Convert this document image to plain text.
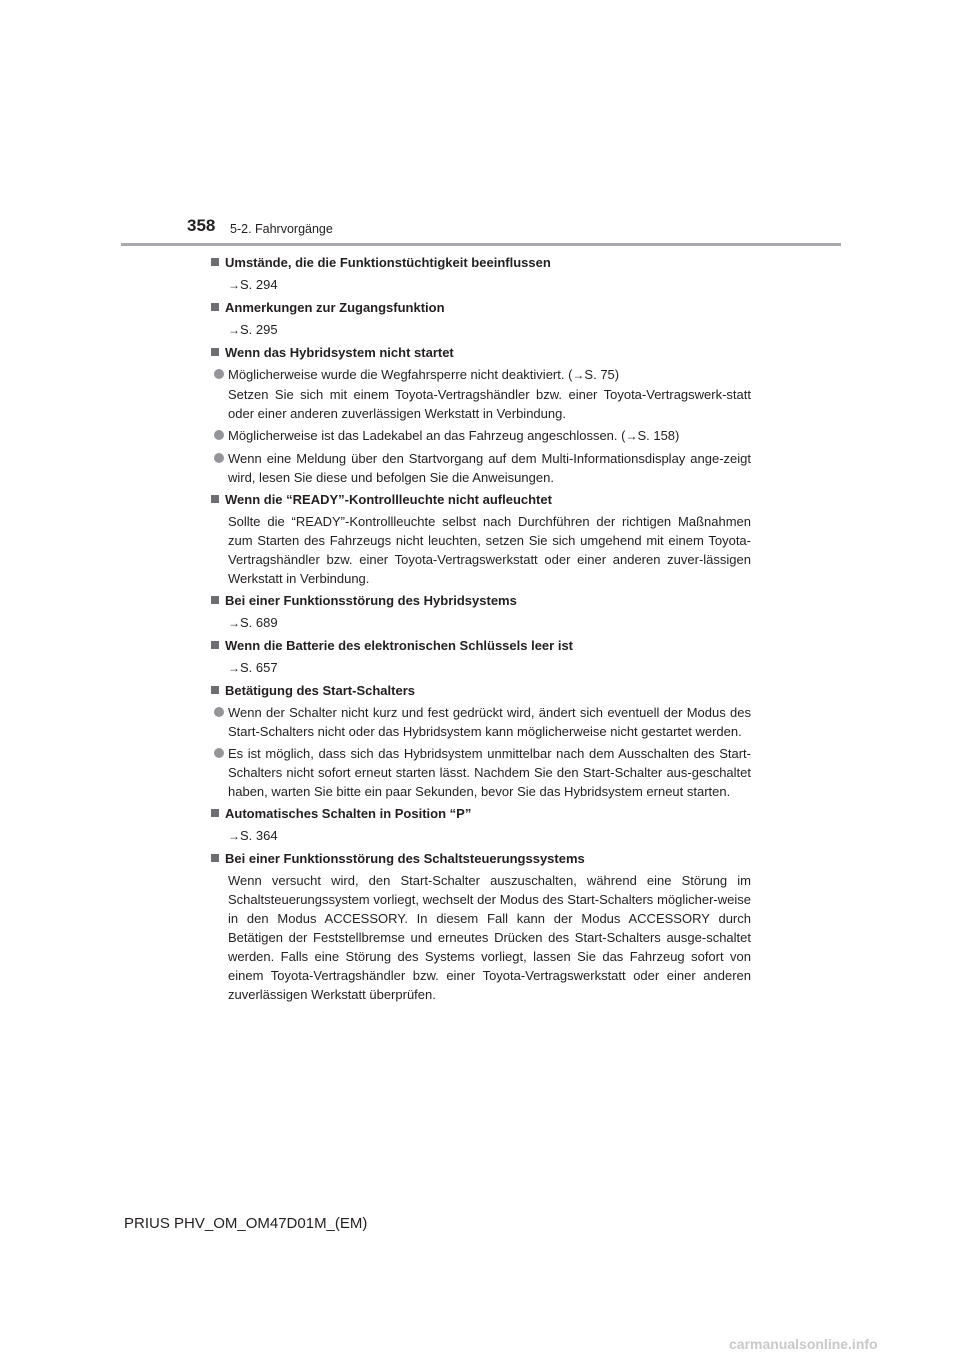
358 5-2. Fahrvorgänge
Umstände, die die Funktionstüchtigkeit beeinflussen
→S. 294
Anmerkungen zur Zugangsfunktion
→S. 295
Wenn das Hybridsystem nicht startet
Möglicherweise wurde die Wegfahrsperre nicht deaktiviert. (→S. 75)
Setzen Sie sich mit einem Toyota-Vertragshändler bzw. einer Toyota-Vertragswerk-statt oder einer anderen zuverlässigen Werkstatt in Verbindung.
Möglicherweise ist das Ladekabel an das Fahrzeug angeschlossen. (→S. 158)
Wenn eine Meldung über den Startvorgang auf dem Multi-Informationsdisplay ange-zeigt wird, lesen Sie diese und befolgen Sie die Anweisungen.
Wenn die “READY”-Kontrollleuchte nicht aufleuchtet
Sollte die “READY”-Kontrollleuchte selbst nach Durchführen der richtigen Maßnahmen zum Starten des Fahrzeugs nicht leuchten, setzen Sie sich umgehend mit einem Toyota-Vertragshändler bzw. einer Toyota-Vertragswerkstatt oder einer anderen zuver-lässigen Werkstatt in Verbindung.
Bei einer Funktionsstörung des Hybridsystems
→S. 689
Wenn die Batterie des elektronischen Schlüssels leer ist
→S. 657
Betätigung des Start-Schalters
Wenn der Schalter nicht kurz und fest gedrückt wird, ändert sich eventuell der Modus des Start-Schalters nicht oder das Hybridsystem kann möglicherweise nicht gestartet werden.
Es ist möglich, dass sich das Hybridsystem unmittelbar nach dem Ausschalten des Start-Schalters nicht sofort erneut starten lässt. Nachdem Sie den Start-Schalter aus-geschaltet haben, warten Sie bitte ein paar Sekunden, bevor Sie das Hybridsystem erneut starten.
Automatisches Schalten in Position “P”
→S. 364
Bei einer Funktionsstörung des Schaltsteuerungssystems
Wenn versucht wird, den Start-Schalter auszuschalten, während eine Störung im Schaltsteuerungssystem vorliegt, wechselt der Modus des Start-Schalters möglicher-weise in den Modus ACCESSORY. In diesem Fall kann der Modus ACCESSORY durch Betätigen der Feststellbremse und erneutes Drücken des Start-Schalters ausge-schaltet werden. Falls eine Störung des Systems vorliegt, lassen Sie das Fahrzeug sofort von einem Toyota-Vertragshändler bzw. einer Toyota-Vertragswerkstatt oder einer anderen zuverlässigen Werkstatt überprüfen.
PRIUS PHV_OM_OM47D01M_(EM)
carmanualsonline.info
